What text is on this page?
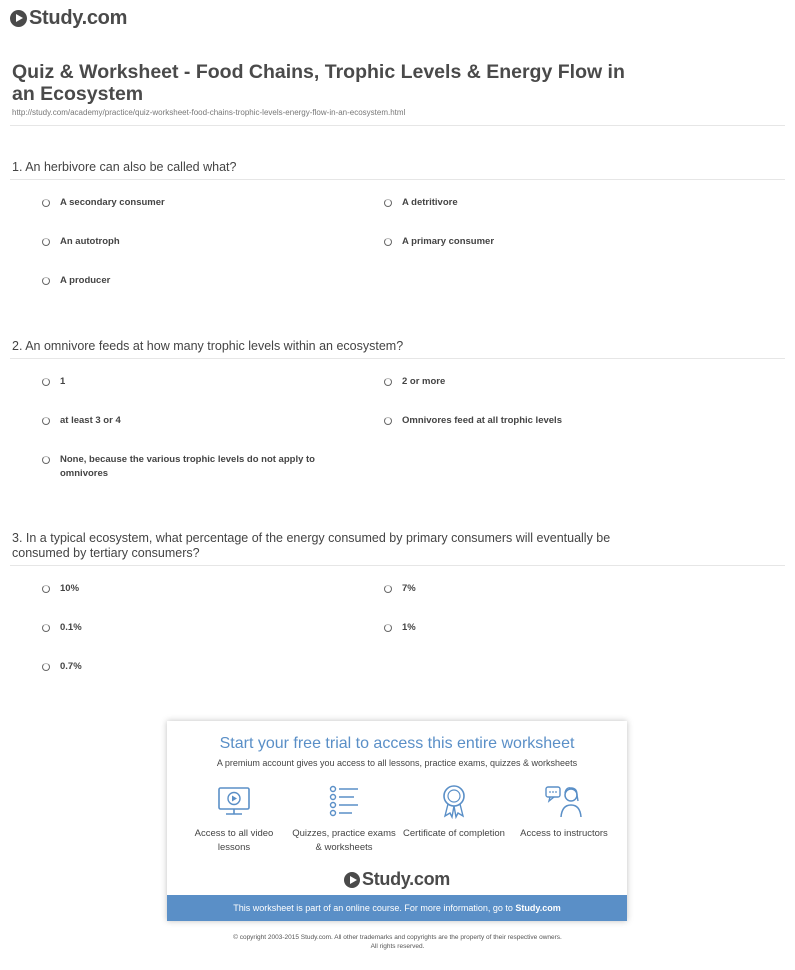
Study.com
Quiz & Worksheet - Food Chains, Trophic Levels & Energy Flow in an Ecosystem
http://study.com/academy/practice/quiz-worksheet-food-chains-trophic-levels-energy-flow-in-an-ecosystem.html
1. An herbivore can also be called what?
A secondary consumer	A detritivore
An autotroph	A primary consumer
A producer
2. An omnivore feeds at how many trophic levels within an ecosystem?
1	2 or more
at least 3 or 4	Omnivores feed at all trophic levels
None, because the various trophic levels do not apply to omnivores
3. In a typical ecosystem, what percentage of the energy consumed by primary consumers will eventually be consumed by tertiary consumers?
10%	7%
0.1%	1%
0.7%
Start your free trial to access this entire worksheet
A premium account gives you access to all lessons, practice exams, quizzes & worksheets
Access to all video lessons
Quizzes, practice exams & worksheets
Certificate of completion	Access to instructors
Study.com
This worksheet is part of an online course. For more information, go to Study.com
© copyright 2003-2015 Study.com. All other trademarks and copyrights are the property of their respective owners.
All rights reserved.
